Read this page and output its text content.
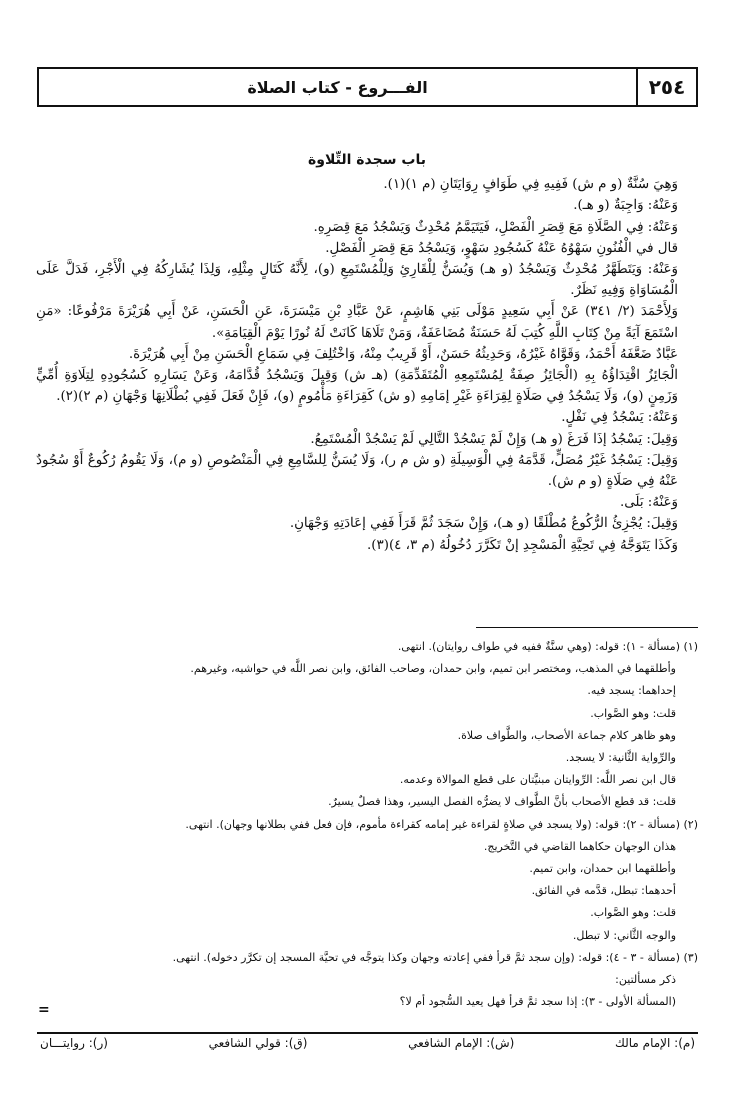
٢٥٤
الفـــروع - كتاب الصلاة
باب سجدة التِّلاوة

وَهِيَ سُنَّةٌ (و م ش) فَفِيهِ فِي طَوَافٍ رِوَايَتَانِ (م ١)(١).

وَعَنْهُ: وَاجِبَةٌ (و هـ).

وَعَنْهُ: فِي الصَّلَاةِ مَعَ قِصَرِ الْفَصْلِ، فَيَتَيَمَّمُ مُحْدِثٌ وَيَسْجُدُ مَعَ قِصَرِهِ.

قال في الْفُنُونِ سَهْوُهُ عَنْهُ كَسُجُودِ سَهْوٍ، وَيَسْجُدُ مَعَ قِصَرِ الْفَصْلِ.

وَعَنْهُ: وَيَتَطَهَّرُ مُحْدِثٌ وَيَسْجُدُ (و هـ) وَيُسَنُّ لِلْقَارِئِ وَلِلْمُسْتَمِعِ (و)، لِأَنَّهُ كَتَالٍ مِثْلِهِ، وَلِذَا يُشَارِكُهُ فِي الْأَجْرِ، فَدَلَّ عَلَى الْمُسَاوَاةِ وَفِيهِ نَظَرٌ.

وَلِأَحْمَدَ (٢/ ٣٤١) عَنْ أَبِي سَعِيدٍ مَوْلَى بَنِي هَاشِمٍ، عَنْ عَبَّادِ بْنِ مَيْسَرَةَ، عَنِ الْحَسَنِ، عَنْ أَبِي هُرَيْرَةَ مَرْفُوعًا: «مَنِ اسْتَمَعَ آيَةً مِنْ كِتَابِ اللَّهِ كُتِبَ لَهُ حَسَنَةٌ مُضَاعَفَةٌ، وَمَنْ تَلَاهَا كَانَتْ لَهُ نُورًا يَوْمَ الْقِيَامَةِ».

عَبَّادٌ ضَعَّفَهُ أَحْمَدُ، وَقَوَّاهُ غَيْرُهُ، وَحَدِيثُهُ حَسَنٌ، أَوْ قَرِيبٌ مِنْهُ، وَاخْتُلِفَ فِي سَمَاعِ الْحَسَنِ مِنْ أَبِي هُرَيْرَةَ.

الْجَائِزُ اقْتِدَاؤُهُ بِهِ (الْجَائِزُ صِفَةٌ لِمُسْتَمِعِهِ الْمُتَقَدِّمَةِ) (هـ ش) وَقِيلَ وَيَسْجُدُ قُدَّامَهُ، وَعَنْ يَسَارِهِ كَسُجُودِهِ لِتِلَاوَةِ أُمِّيٍّ وَزَمِنٍ (و)، وَلَا يَسْجُدُ فِي صَلَاةٍ لِقِرَاءَةِ غَيْرِ إمَامِهِ (و ش) كَقِرَاءَةِ مَأْمُومٍ (و)، فَإِنْ فَعَلَ فَفِي بُطْلَانِهَا وَجْهَانِ (م ٢)(٢).

وَعَنْهُ: يَسْجُدُ فِي نَفْلٍ.

وَقِيلَ: يَسْجُدُ إذَا فَرَغَ (و هـ) وَإِنْ لَمْ يَسْجُدْ التَّالِي لَمْ يَسْجُدْ الْمُسْتَمِعُ.

وَقِيلَ: يَسْجُدُ غَيْرُ مُصَلٍّ، قَدَّمَهُ فِي الْوَسِيلَةِ (و ش م ر)، وَلَا يُسَنُّ لِلسَّامِعِ فِي الْمَنْصُوصِ (و م)، وَلَا يَقُومُ رُكُوعٌ أَوْ سُجُودٌ عَنْهُ فِي صَلَاةٍ (و م ش).

وَعَنْهُ: بَلَى.

وَقِيلَ: يُجْزِئُ الرُّكُوعُ مُطْلَقًا (و هـ)، وَإِنْ سَجَدَ ثُمَّ قَرَأَ فَفِي إعَادَتِهِ وَجْهَانِ.

وَكَذَا يَتَوَجَّهُ فِي تَحِيَّةِ الْمَسْجِدِ إنْ تَكَرَّرَ دُخُولُهُ (م ٣، ٤)(٣).

(١) (مسألة - ١): قوله: (وهي سنَّةٌ ففيه في طواف روايتان). انتهى.

وأطلقهما في المذهب، ومختصر ابن تميم، وابن حمدان، وصاحب الفائق، وابن نصر اللَّه في حواشيه، وغيرهم.

إحداهما: يسجد فيه.

قلت: وهو الصَّواب.

وهو ظاهر كلام جماعة الأصحاب، والطَّواف صلاة.

والرِّواية الثَّانية: لا يسجد.

قال ابن نصر اللَّه: الرِّوايتان مبنيَّتان على قطع الموالاة وعدمه.

قلت: قد قطع الأصحاب بأنَّ الطَّواف لا يضرُّه الفصل اليسير، وهذا فصلٌ يسيرٌ.

(٢) (مسألة - ٢): قوله: (ولا يسجد في صلاةٍ لقراءة غير إمامه كقراءة مأموم، فإن فعل ففي بطلانها وجهان). انتهى.

هذان الوجهان حكاهما القاضي في التَّخريج.

وأطلقهما ابن حمدان، وابن تميم.

أحدهما: تبطل، قدَّمه في الفائق.

قلت: وهو الصَّواب.

والوجه الثَّاني: لا تبطل.

(٣) (مسألة - ٣ - ٤): قوله: (وإن سجد ثمَّ قرأ ففي إعادته وجهان وكذا يتوجَّه في تحيَّة المسجد إن تكرَّر دخوله). انتهى.

ذكر مسألتين:

(المسألة الأولى - ٣): إذا سجد ثمَّ قرأ فهل يعيد السُّجود أم لا؟

=
(م): الإمام مالك
(ش): الإمام الشافعي
(ق): قولي الشافعي
(ر): روايتـــان
